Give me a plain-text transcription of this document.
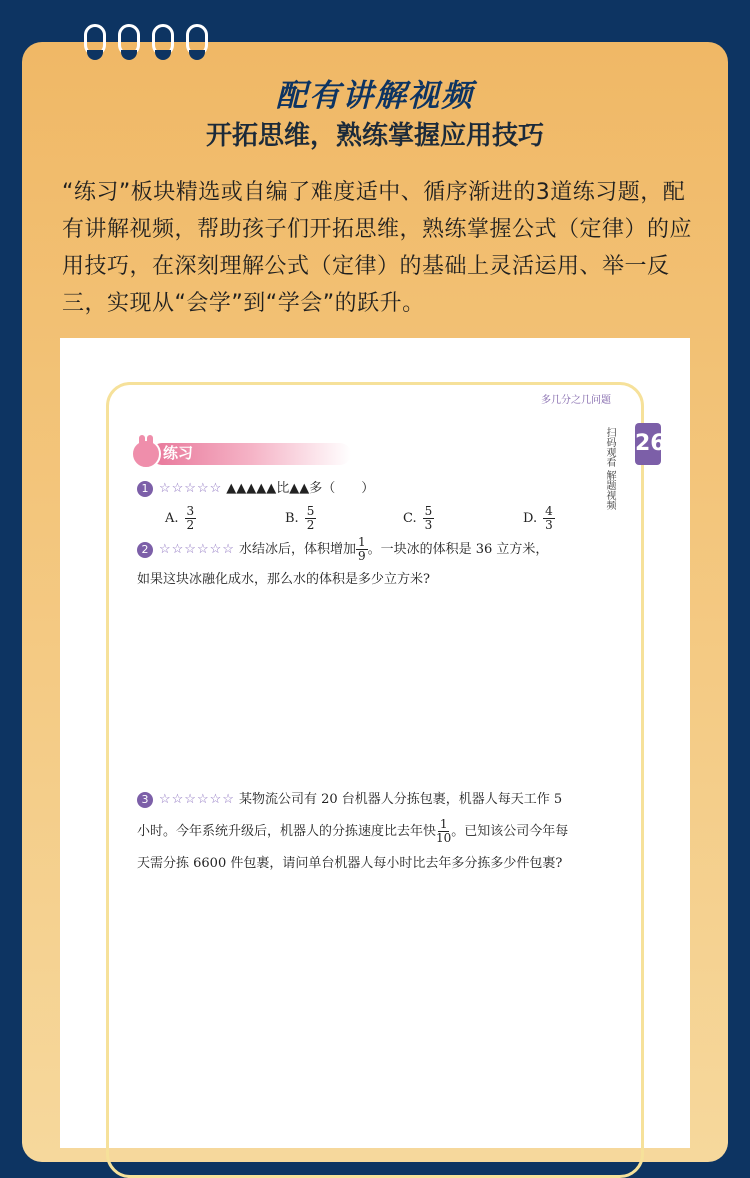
配有讲解视频
开拓思维，熟练掌握应用技巧
“练习”板块精选或自编了难度适中、循序渐进的3道练习题，配有讲解视频，帮助孩子们开拓思维，熟练掌握公式（定律）的应用技巧，在深刻理解公式（定律）的基础上灵活运用、举一反三，实现从“会学”到“学会”的跃升。
多几分之几问题
26
扫码观看 解题视频
练习
1 ☆☆☆☆☆ ▲▲▲▲▲比▲▲多（　　）
A. $\frac{3}{2}$	B. $\frac{5}{2}$	C. $\frac{5}{3}$	D. $\frac{4}{3}$
2 ☆☆☆☆☆☆ 水结冰后，体积增加 $\frac{1}{9}$ 。一块冰的体积是 36 立方米，
如果这块冰融化成水，那么水的体积是多少立方米?
3 ☆☆☆☆☆☆ 某物流公司有 20 台机器人分拣包裹，机器人每天工作 5
小时。今年系统升级后，机器人的分拣速度比去年快 $\frac{1}{10}$ 。已知该公司今年每
天需分拣 6600 件包裹，请问单台机器人每小时比去年多分拣多少件包裹?
